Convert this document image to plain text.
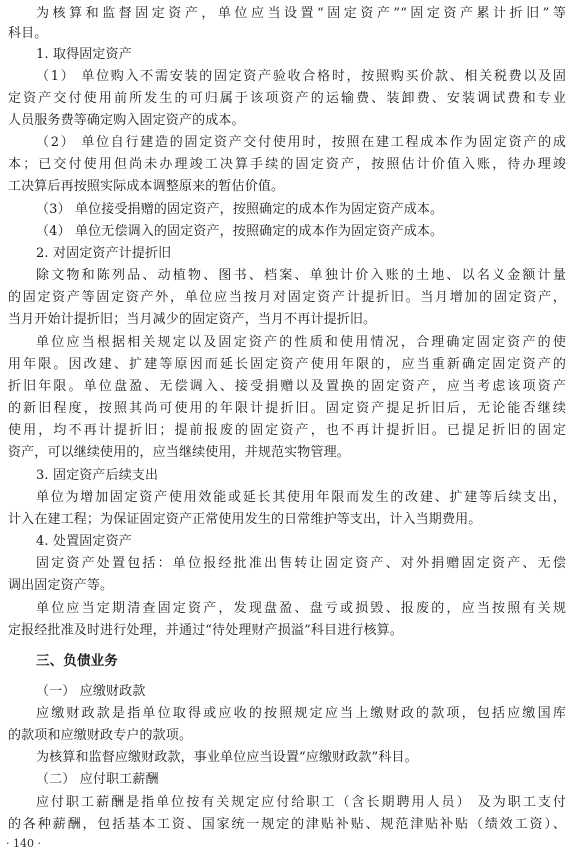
为核算和监督固定资产，单位应当设置“固定资产”“固定资产累计折旧”等
科目。
1. 取得固定资产
（1） 单位购入不需安装的固定资产验收合格时，按照购买价款、相关税费以及固
定资产交付使用前所发生的可归属于该项资产的运输费、装卸费、安装调试费和专业
人员服务费等确定购入固定资产的成本。
（2） 单位自行建造的固定资产交付使用时，按照在建工程成本作为固定资产的成
本；已交付使用但尚未办理竣工决算手续的固定资产，按照估计价值入账，待办理竣
工决算后再按照实际成本调整原来的暂估价值。
（3） 单位接受捐赠的固定资产，按照确定的成本作为固定资产成本。
（4） 单位无偿调入的固定资产，按照确定的成本作为固定资产成本。
2. 对固定资产计提折旧
除文物和陈列品、动植物、图书、档案、单独计价入账的土地、以名义金额计量
的固定资产等固定资产外，单位应当按月对固定资产计提折旧。当月增加的固定资产，
当月开始计提折旧；当月减少的固定资产，当月不再计提折旧。
单位应当根据相关规定以及固定资产的性质和使用情况，合理确定固定资产的使
用年限。因改建、扩建等原因而延长固定资产使用年限的，应当重新确定固定资产的
折旧年限。单位盘盈、无偿调入、接受捐赠以及置换的固定资产，应当考虑该项资产
的新旧程度，按照其尚可使用的年限计提折旧。固定资产提足折旧后，无论能否继续
使用，均不再计提折旧；提前报废的固定资产，也不再计提折旧。已提足折旧的固定
资产，可以继续使用的，应当继续使用，并规范实物管理。
3. 固定资产后续支出
单位为增加固定资产使用效能或延长其使用年限而发生的改建、扩建等后续支出，
计入在建工程；为保证固定资产正常使用发生的日常维护等支出，计入当期费用。
4. 处置固定资产
固定资产处置包括：单位报经批准出售转让固定资产、对外捐赠固定资产、无偿
调出固定资产等。
单位应当定期清查固定资产，发现盘盈、盘亏或损毁、报废的，应当按照有关规
定报经批准及时进行处理，并通过“待处理财产损溢”科目进行核算。
三、负债业务
（一） 应缴财政款
应缴财政款是指单位取得或应收的按照规定应当上缴财政的款项，包括应缴国库
的款项和应缴财政专户的款项。
为核算和监督应缴财政款，事业单位应当设置“应缴财政款”科目。
（二） 应付职工薪酬
应付职工薪酬是指单位按有关规定应付给职工（含长期聘用人员） 及为职工支付
的各种薪酬，包括基本工资、国家统一规定的津贴补贴、规范津贴补贴（绩效工资）、
· 140 ·
